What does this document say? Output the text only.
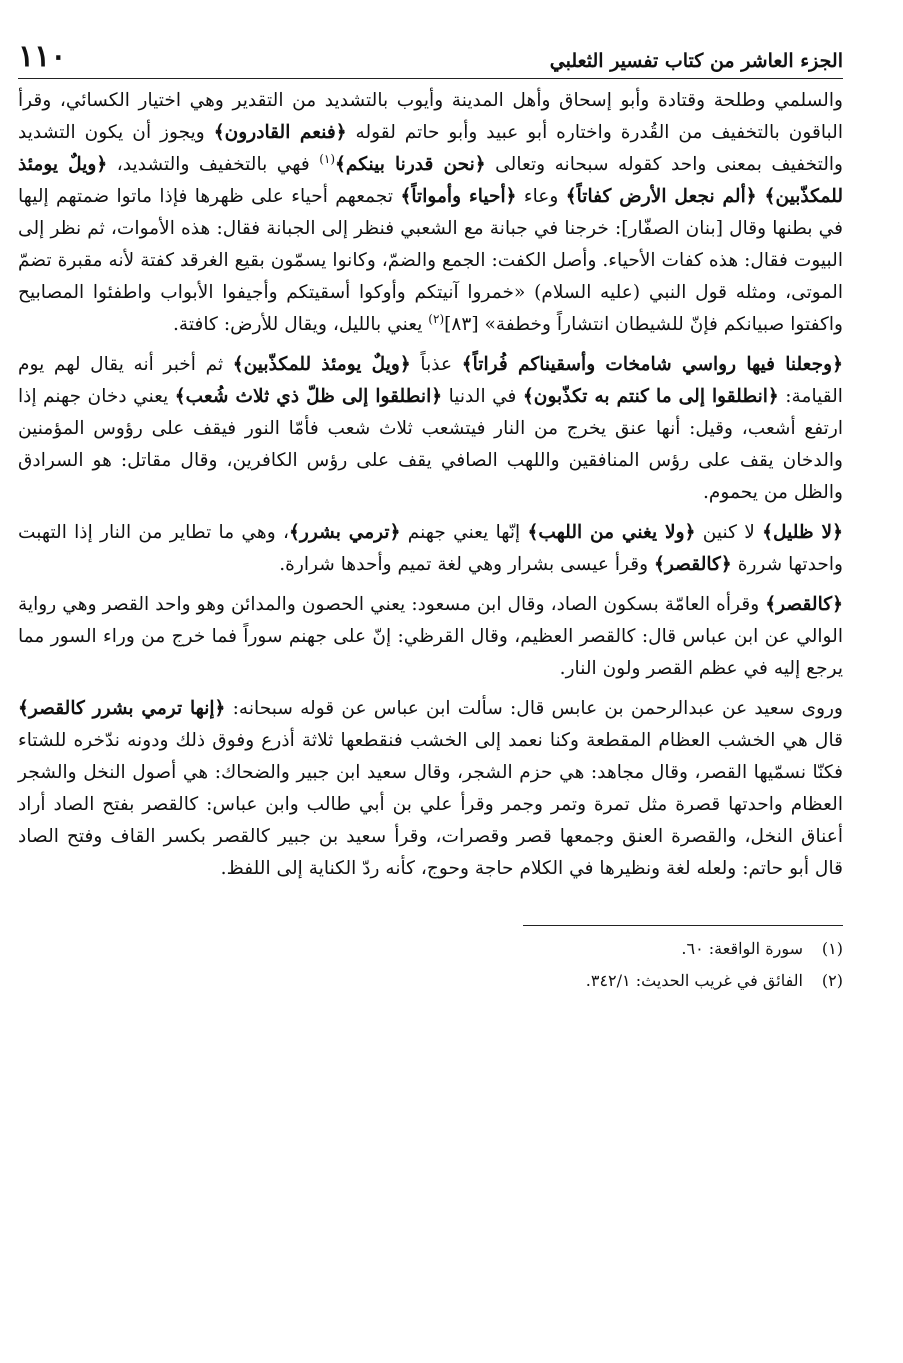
الجزء العاشر من كتاب تفسير الثعلبي
١١٠

والسلمي وطلحة وقتادة وأبو إسحاق وأهل المدينة وأيوب بالتشديد من التقدير وهي اختيار الكسائي، وقرأ الباقون بالتخفيف من القُدرة واختاره أبو عبيد وأبو حاتم لقوله ﴿فنعم القادرون﴾ ويجوز أن يكون التشديد والتخفيف بمعنى واحد كقوله سبحانه وتعالى ﴿نحن قدرنا بينكم﴾$^{(١)}$ فهي بالتخفيف والتشديد، ﴿ويلٌ يومئذ للمكذّبين﴾ ﴿ألم نجعل الأرض كفاتاً﴾ وعاء ﴿أحياء وأمواتاً﴾ تجمعهم أحياء على ظهرها فإذا ماتوا ضمتهم إليها في بطنها وقال [بنان الصفّار]: خرجنا في جبانة مع الشعبي فنظر إلى الجبانة فقال: هذه الأموات، ثم نظر إلى البيوت فقال: هذه كفات الأحياء. وأصل الكفت: الجمع والضمّ، وكانوا يسمّون بقيع الغرقد كفتة لأنه مقبرة تضمّ الموتى، ومثله قول النبي (عليه السلام) «خمروا آنيتكم وأوكوا أسقيتكم وأجيفوا الأبواب واطفئوا المصابيح واكفتوا صبيانكم فإنّ للشيطان انتشاراً وخطفة» [٨٣]$^{(٢)}$ يعني بالليل، ويقال للأرض: كافتة.

﴿وجعلنا فيها رواسي شامخات وأسقيناكم فُراتاً﴾ عذباً ﴿ويلٌ يومئذ للمكذّبين﴾ ثم أخبر أنه يقال لهم يوم القيامة: ﴿انطلقوا إلى ما كنتم به تكذّبون﴾ في الدنيا ﴿انطلقوا إلى ظلّ ذي ثلاث شُعب﴾ يعني دخان جهنم إذا ارتفع أشعب، وقيل: أنها عنق يخرج من النار فيتشعب ثلاث شعب فأمّا النور فيقف على رؤوس المؤمنين والدخان يقف على رؤس المنافقين واللهب الصافي يقف على رؤس الكافرين، وقال مقاتل: هو السرادق والظل من يحموم.

﴿لا ظليل﴾ لا كنين ﴿ولا يغني من اللهب﴾ إنّها يعني جهنم ﴿ترمي بشرر﴾، وهي ما تطاير من النار إذا التهبت واحدتها شررة ﴿كالقصر﴾ وقرأ عيسى بشرار وهي لغة تميم وأحدها شرارة.

﴿كالقصر﴾ وقرأه العامّة بسكون الصاد، وقال ابن مسعود: يعني الحصون والمدائن وهو واحد القصر وهي رواية الوالي عن ابن عباس قال: كالقصر العظيم، وقال القرظي: إنّ على جهنم سوراً فما خرج من وراء السور مما يرجع إليه في عظم القصر ولون النار.

وروى سعيد عن عبدالرحمن بن عابس قال: سألت ابن عباس عن قوله سبحانه: ﴿إنها ترمي بشرر كالقصر﴾ قال هي الخشب العظام المقطعة وكنا نعمد إلى الخشب فنقطعها ثلاثة أذرع وفوق ذلك ودونه ندّخره للشتاء فكنّا نسمّيها القصر، وقال مجاهد: هي حزم الشجر، وقال سعيد ابن جبير والضحاك: هي أصول النخل والشجر العظام واحدتها قصرة مثل تمرة وتمر وجمر وقرأ علي بن أبي طالب وابن عباس: كالقصر بفتح الصاد أراد أعناق النخل، والقصرة العنق وجمعها قصر وقصرات، وقرأ سعيد بن جبير كالقصر بكسر القاف وفتح الصاد قال أبو حاتم: ولعله لغة ونظيرها في الكلام حاجة وحوج، كأنه ردّ الكناية إلى اللفظ.

(١)سورة الواقعة: ٦٠.

(٢)الفائق في غريب الحديث: ٣٤٢/١.
